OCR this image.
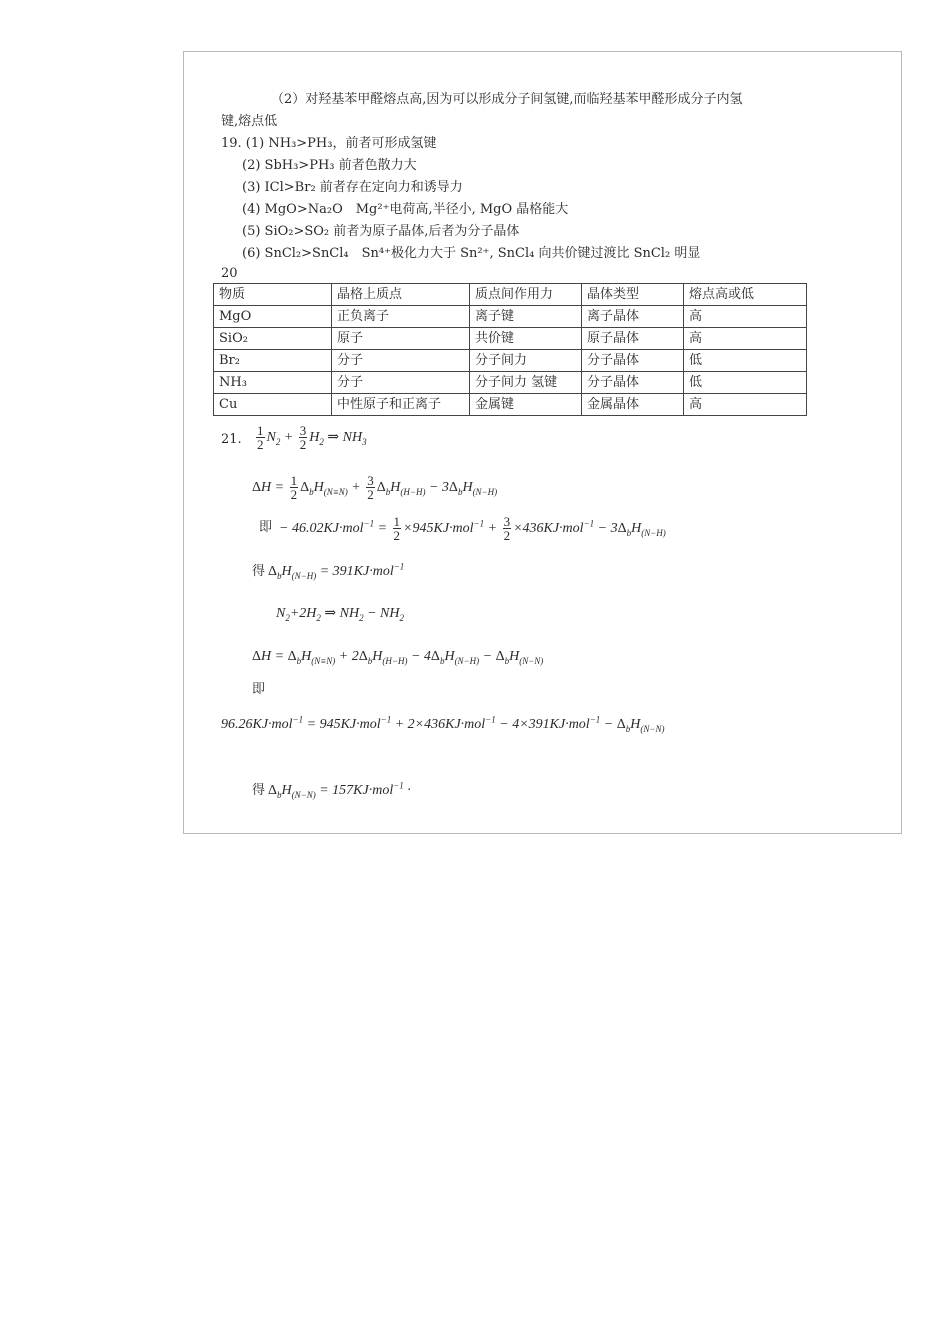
（2）对羟基苯甲醛熔点高,因为可以形成分子间氢键,而临羟基苯甲醛形成分子内氢
键,熔点低
19. (1) NH₃>PH₃，前者可形成氢键
(2) SbH₃>PH₃ 前者色散力大
(3) ICl>Br₂ 前者存在定向力和诱导力
(4) MgO>Na₂O　Mg²⁺电荷高,半径小, MgO 晶格能大
(5) SiO₂>SO₂ 前者为原子晶体,后者为分子晶体
(6) SnCl₂>SnCl₄　Sn⁴⁺极化力大于 Sn²⁺, SnCl₄ 向共价键过渡比 SnCl₂ 明显
20
物质	晶格上质点	质点间作用力	晶体类型	熔点高或低
MgO	正负离子	离子键	离子晶体	高
SiO₂	原子	共价键	原子晶体	高
Br₂	分子	分子间力	分子晶体	低
NH₃	分子	分子间力 氢键	分子晶体	低
Cu	中性原子和正离子	金属键	金属晶体	高
21. $\frac{1}{2} N_2 + \frac{3}{2} H_2$ ⇒ $NH_3$
$\Delta H = \frac{1}{2} \Delta_bH_{(N\equiv N)} + \frac{3}{2} \Delta_bH_{(H-H)} - 3\Delta_bH_{(N-H)}$
即 − $46.02KJ\cdot mol^{-1} = \frac{1}{2} \times 945KJ\cdot mol^{-1} + \frac{3}{2} \times 436KJ\cdot mol^{-1} - 3\Delta_bH_{(N-H)}$
得 $\Delta_bH_{(N-H)} = 391KJ\cdot mol^{-1}$
$N_2+2H_2$ ⇒ $NH_2 - NH_2$
$\Delta H = \Delta_bH_{(N\equiv N)} + 2\Delta_bH_{(H-H)} - 4\Delta_bH_{(N-H)} - \Delta_bH_{(N-N)}$
即
$96.26KJ\cdot mol^{-1} = 945KJ\cdot mol^{-1} + 2\times 436KJ\cdot mol^{-1} - 4\times 391KJ\cdot mol^{-1} - \Delta_bH_{(N-N)}$
得 $\Delta_bH_{(N-N)} = 157KJ\cdot mol^{-1}$ ·
